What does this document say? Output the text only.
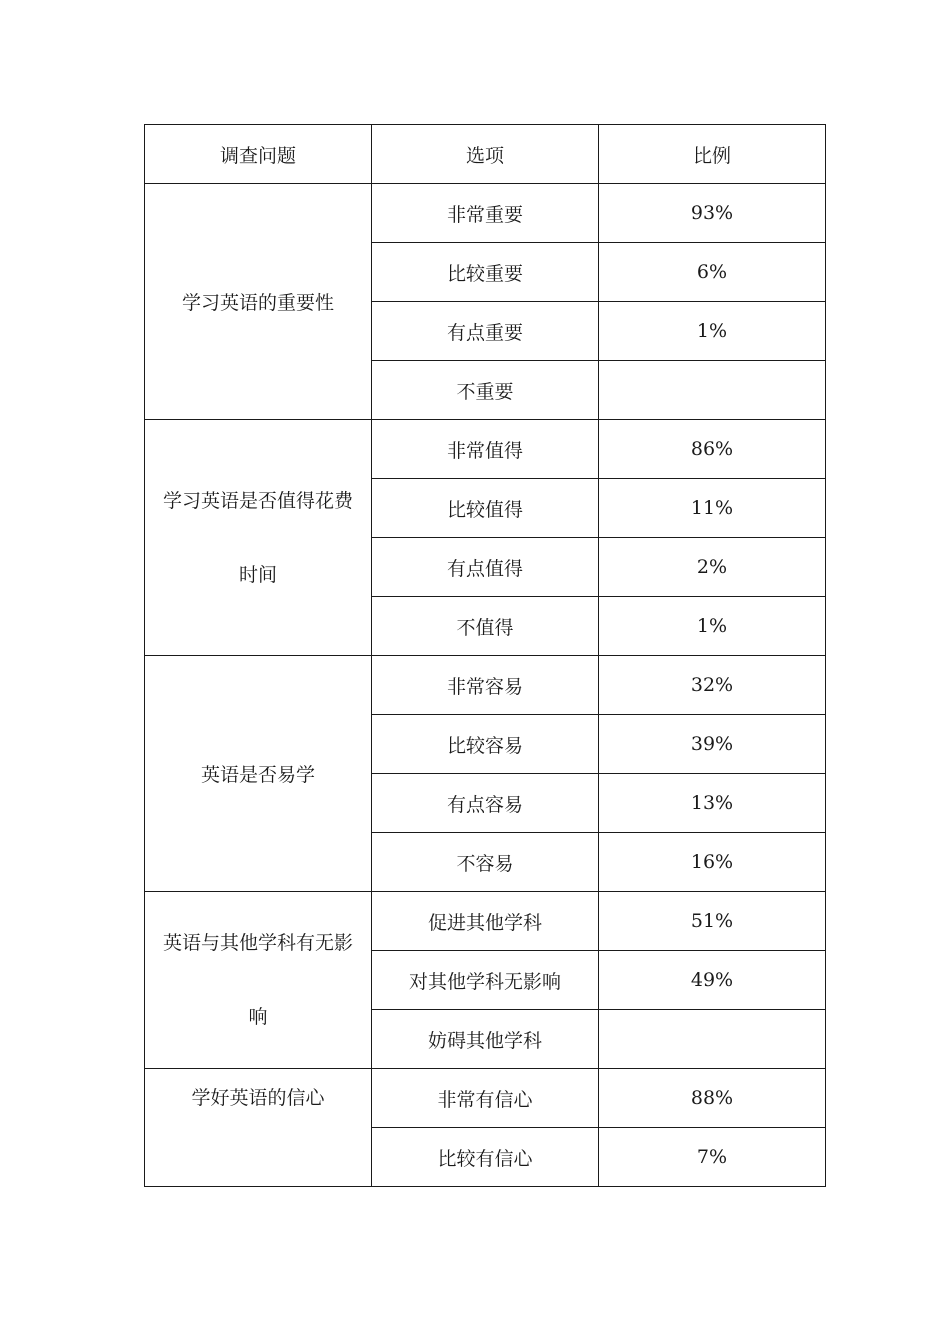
调查问题	选项	比例
学习英语的重要性	非常重要	93%
	比较重要	6%
	有点重要	1%
	不重要	
学习英语是否值得花费时间	非常值得	86%
	比较值得	11%
	有点值得	2%
	不值得	1%
英语是否易学	非常容易	32%
	比较容易	39%
	有点容易	13%
	不容易	16%
英语与其他学科有无影响	促进其他学科	51%
	对其他学科无影响	49%
	妨碍其他学科	
学好英语的信心	非常有信心	88%
	比较有信心	7%
